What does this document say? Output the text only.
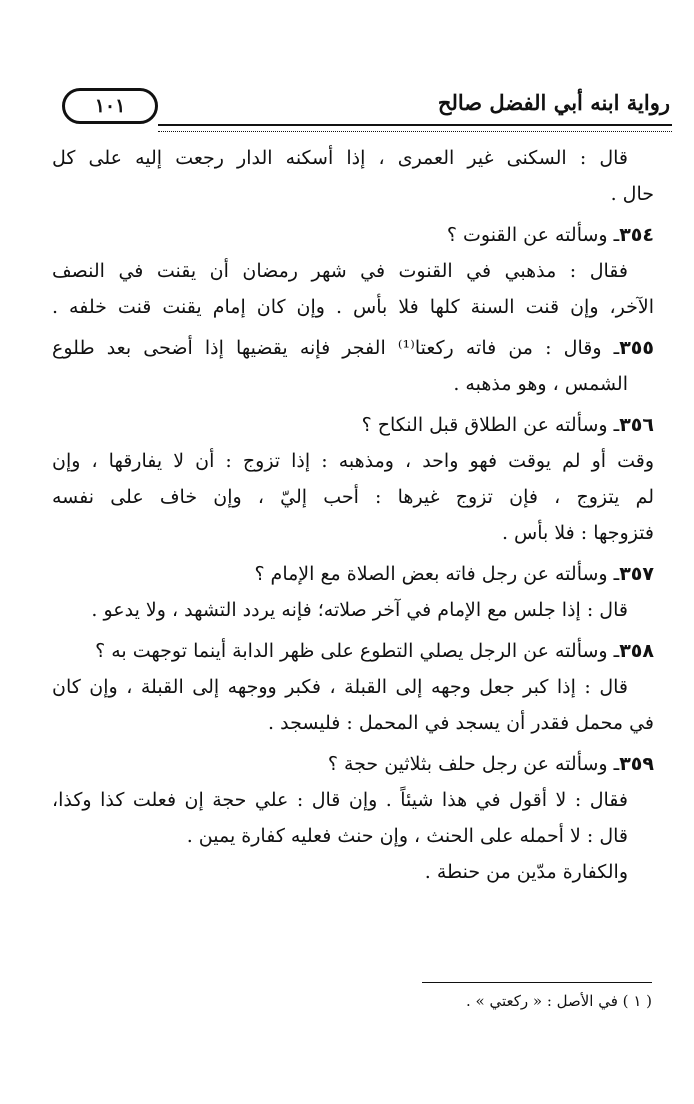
رواية ابنه أبي الفضل صالح
١٠١
قال : السكنى غير العمرى ، إذا أسكنه الدار رجعت إليه على كل
حال .
٣٥٤ـ وسألته عن القنوت ؟
فقال : مذهبي في القنوت في شهر رمضان أن يقنت في النصف
الآخر، وإن قنت السنة كلها فلا بأس . وإن كان إمام يقنت قنت خلفه .
٣٥٥ـ وقال : من فاته ركعتا⁽¹⁾ الفجر فإنه يقضيها إذا أضحى بعد طلوع
الشمس ، وهو مذهبه .
٣٥٦ـ وسألته عن الطلاق قبل النكاح ؟
وقت أو لم يوقت فهو واحد ، ومذهبه : إذا تزوج : أن لا يفارقها ، وإن
لم يتزوج ، فإن تزوج غيرها : أحب إليّ ، وإن خاف على نفسه
فتزوجها : فلا بأس .
٣٥٧ـ وسألته عن رجل فاته بعض الصلاة مع الإمام ؟
قال : إذا جلس مع الإمام في آخر صلاته؛ فإنه يردد التشهد ، ولا يدعو .
٣٥٨ـ وسألته عن الرجل يصلي التطوع على ظهر الدابة أينما توجهت به ؟
قال : إذا كبر جعل وجهه إلى القبلة ، فكبر ووجهه إلى القبلة ، وإن كان
في محمل فقدر أن يسجد في المحمل : فليسجد .
٣٥٩ـ وسألته عن رجل حلف بثلاثين حجة ؟
فقال : لا أقول في هذا شيئاً . وإن قال : علي حجة إن فعلت كذا وكذا،
قال : لا أحمله على الحنث ، وإن حنث فعليه كفارة يمين .
والكفارة مدّين من حنطة .
( ١ ) في الأصل : « ركعتي » .
